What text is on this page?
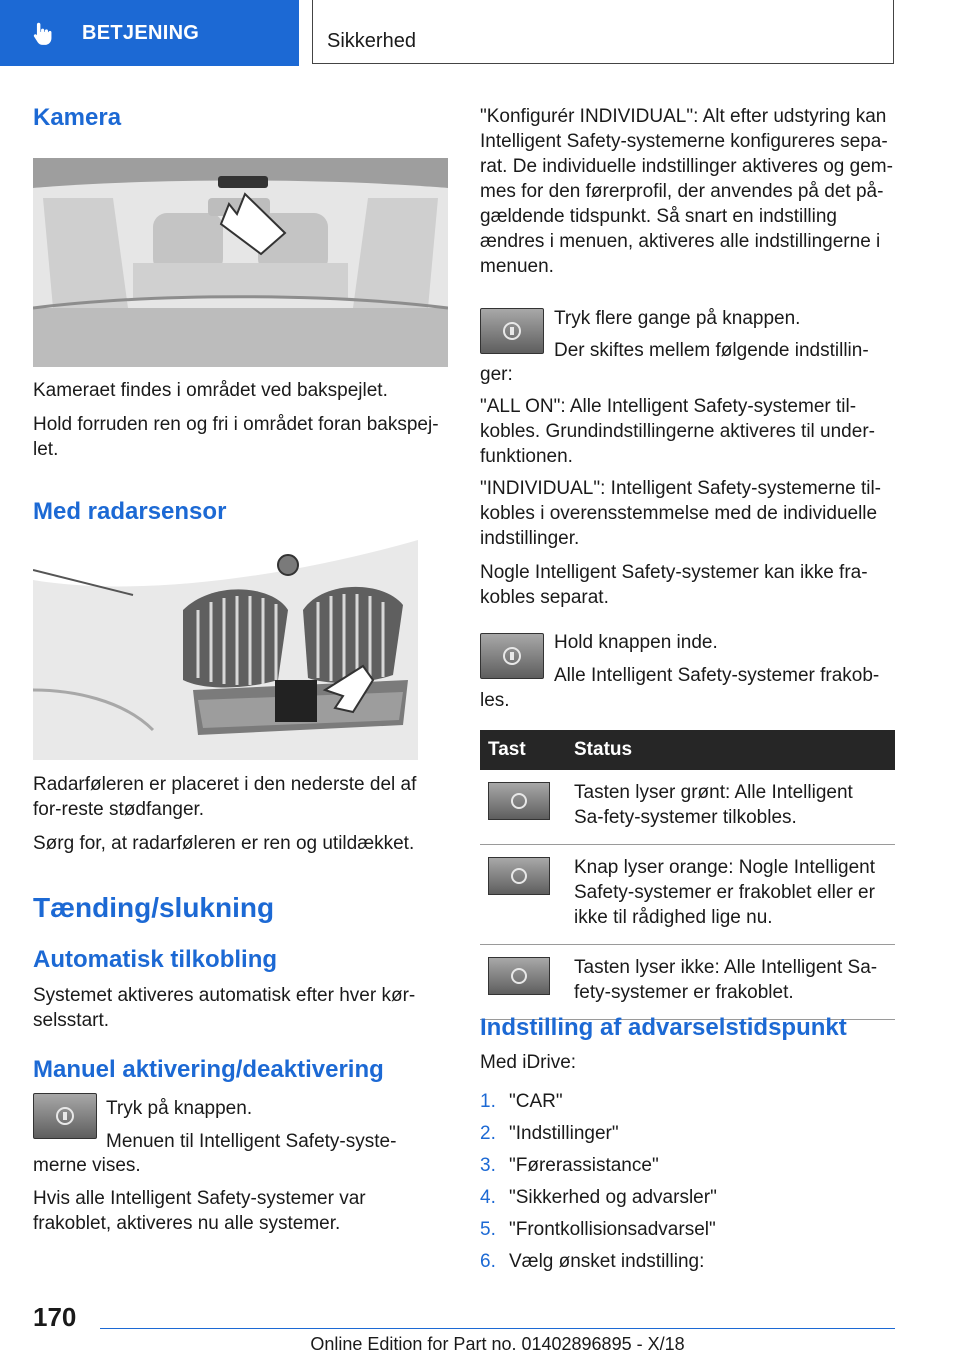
BETJENING	Sikkerhed
Kamera

Kameraet findes i området ved bakspejlet.

Hold forruden ren og fri i området foran bakspej‐let.

Med radarsensor

Radarføleren er placeret i den nederste del af for‐reste stødfanger.

Sørg for, at radarføleren er ren og utildækket.

Tænding/slukning
Automatisk tilkobling

Systemet aktiveres automatisk efter hver kør‐selsstart.

Manuel aktivering/deaktivering

Tryk på knappen.

Menuen til Intelligent Safety-syste‐

merne vises.

Hvis alle Intelligent Safety-systemer var frakoblet, aktiveres nu alle systemer.

"Konfigurér INDIVIDUAL": Alt efter udstyring kan Intelligent Safety-systemerne konfigureres sepa‐rat. De individuelle indstillinger aktiveres og gem‐mes for den førerprofil, der anvendes på det på‐gældende tidspunkt. Så snart en indstilling ændres i menuen, aktiveres alle indstillingerne i menuen.

Tryk flere gange på knappen.

Der skiftes mellem følgende indstillin‐

ger:

"ALL ON": Alle Intelligent Safety-systemer til‐kobles. Grundindstillingerne aktiveres til under‐funktionen.

"INDIVIDUAL": Intelligent Safety-systemerne til‐kobles i overensstemmelse med de individuelle indstillinger.

Nogle Intelligent Safety-systemer kan ikke fra‐kobles separat.

Hold knappen inde.

Alle Intelligent Safety-systemer frakob‐

les.

Tast	Status

	Tasten lyser grønt: Alle Intelligent Sa‐fety-systemer tilkobles.

	Knap lyser orange: Nogle Intelligent Safety-systemer er frakoblet eller er ikke til rådighed lige nu.

	Tasten lyser ikke: Alle Intelligent Sa‐fety-systemer er frakoblet.
Indstilling af advarselstidspunkt

Med iDrive:

1. "CAR"
2. "Indstillinger"
3. "Førerassistance"
4. "Sikkerhed og advarsler"
5. "Frontkollisionsadvarsel"
6. Vælg ønsket indstilling:
170
Online Edition for Part no. 01402896895 - X/18
